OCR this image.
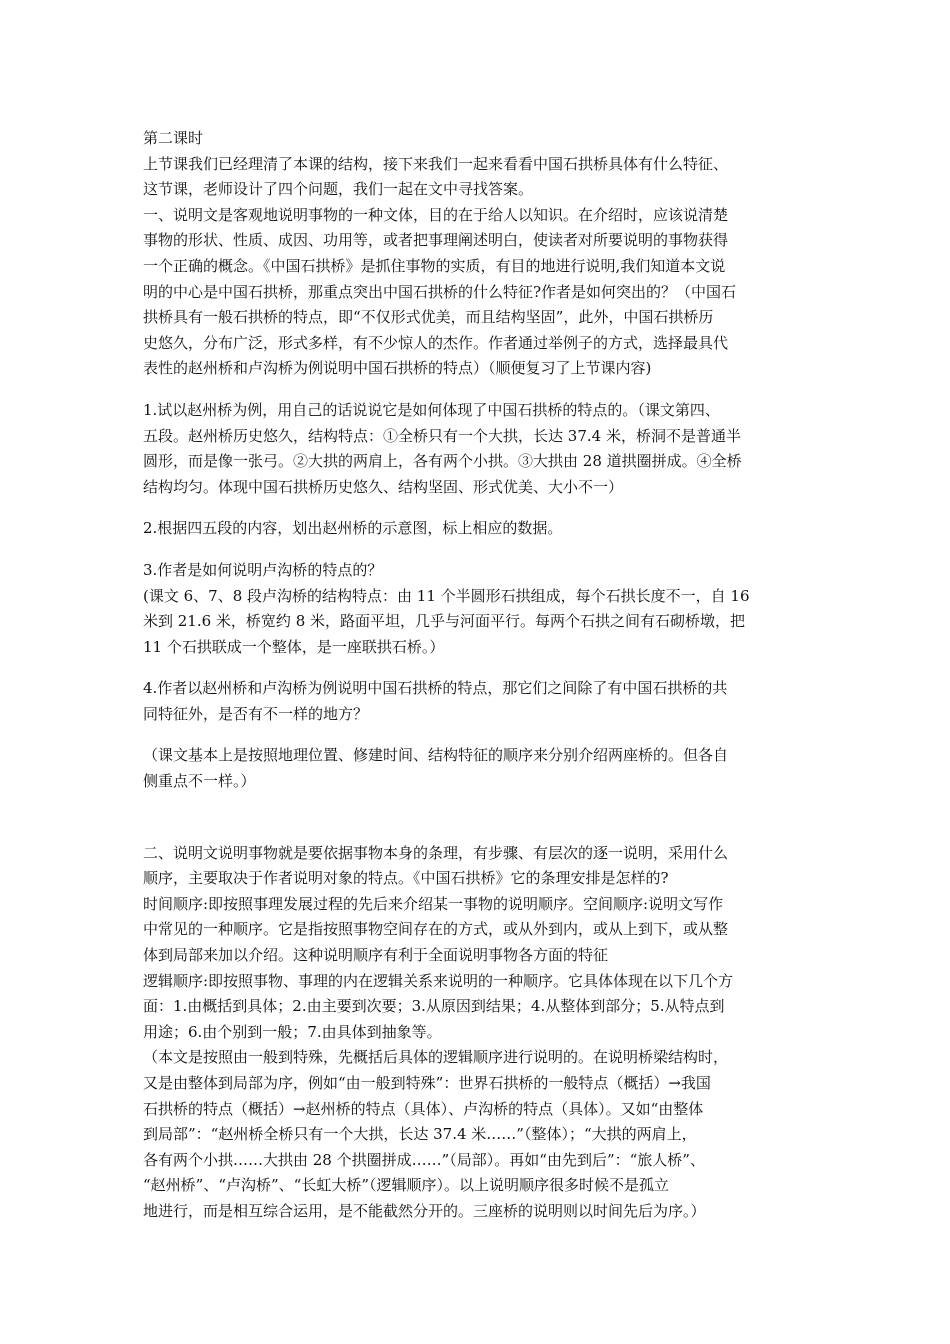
第二课时
上节课我们已经理清了本课的结构，接下来我们一起来看看中国石拱桥具体有什么特征、
这节课，老师设计了四个问题，我们一起在文中寻找答案。
一、说明文是客观地说明事物的一种文体，目的在于给人以知识。在介绍时，应该说清楚
事物的形状、性质、成因、功用等，或者把事理阐述明白，使读者对所要说明的事物获得
一个正确的概念。《中国石拱桥》是抓住事物的实质，有目的地进行说明,我们知道本文说
明的中心是中国石拱桥，那重点突出中国石拱桥的什么特征?作者是如何突出的？（中国石
拱桥具有一般石拱桥的特点，即“不仅形式优美，而且结构坚固”，此外，中国石拱桥历
史悠久，分布广泛，形式多样，有不少惊人的杰作。作者通过举例子的方式，选择最具代
表性的赵州桥和卢沟桥为例说明中国石拱桥的特点）（顺便复习了上节课内容)
1.试以赵州桥为例，用自己的话说说它是如何体现了中国石拱桥的特点的。（课文第四、
五段。赵州桥历史悠久，结构特点：①全桥只有一个大拱，长达 37.4 米，桥洞不是普通半
圆形，而是像一张弓。②大拱的两肩上，各有两个小拱。③大拱由 28 道拱圈拼成。④全桥
结构均匀。体现中国石拱桥历史悠久、结构坚固、形式优美、大小不一）
2.根据四五段的内容，划出赵州桥的示意图，标上相应的数据。
3.作者是如何说明卢沟桥的特点的？
(课文 6、7、8 段卢沟桥的结构特点：由 11 个半圆形石拱组成，每个石拱长度不一，自 16
米到 21.6 米，桥宽约 8 米，路面平坦，几乎与河面平行。每两个石拱之间有石砌桥墩，把
11 个石拱联成一个整体，是一座联拱石桥。）
4.作者以赵州桥和卢沟桥为例说明中国石拱桥的特点，那它们之间除了有中国石拱桥的共
同特征外，是否有不一样的地方？
（课文基本上是按照地理位置、修建时间、结构特征的顺序来分别介绍两座桥的。但各自
侧重点不一样。）
二、说明文说明事物就是要依据事物本身的条理，有步骤、有层次的逐一说明，采用什么
顺序，主要取决于作者说明对象的特点。《中国石拱桥》它的条理安排是怎样的?
时间顺序:即按照事理发展过程的先后来介绍某一事物的说明顺序。空间顺序:说明文写作
中常见的一种顺序。它是指按照事物空间存在的方式，或从外到内，或从上到下，或从整
体到局部来加以介绍。这种说明顺序有利于全面说明事物各方面的特征
逻辑顺序:即按照事物、事理的内在逻辑关系来说明的一种顺序。它具体体现在以下几个方
面：1.由概括到具体；2.由主要到次要；3.从原因到结果；4.从整体到部分；5.从特点到
用途；6.由个别到一般；7.由具体到抽象等。
（本文是按照由一般到特殊，先概括后具体的逻辑顺序进行说明的。在说明桥梁结构时，
又是由整体到局部为序，例如“由一般到特殊”：世界石拱桥的一般特点（概括）→我国
石拱桥的特点（概括）→赵州桥的特点（具体）、卢沟桥的特点（具体）。又如“由整体
到局部”：“赵州桥全桥只有一个大拱，长达 37.4 米……”（整体）；“大拱的两肩上，
各有两个小拱……大拱由 28 个拱圈拼成……”（局部）。再如“由先到后”：“旅人桥”、
“赵州桥”、“卢沟桥”、“长虹大桥”（逻辑顺序）。以上说明顺序很多时候不是孤立
地进行，而是相互综合运用，是不能截然分开的。三座桥的说明则以时间先后为序。）
